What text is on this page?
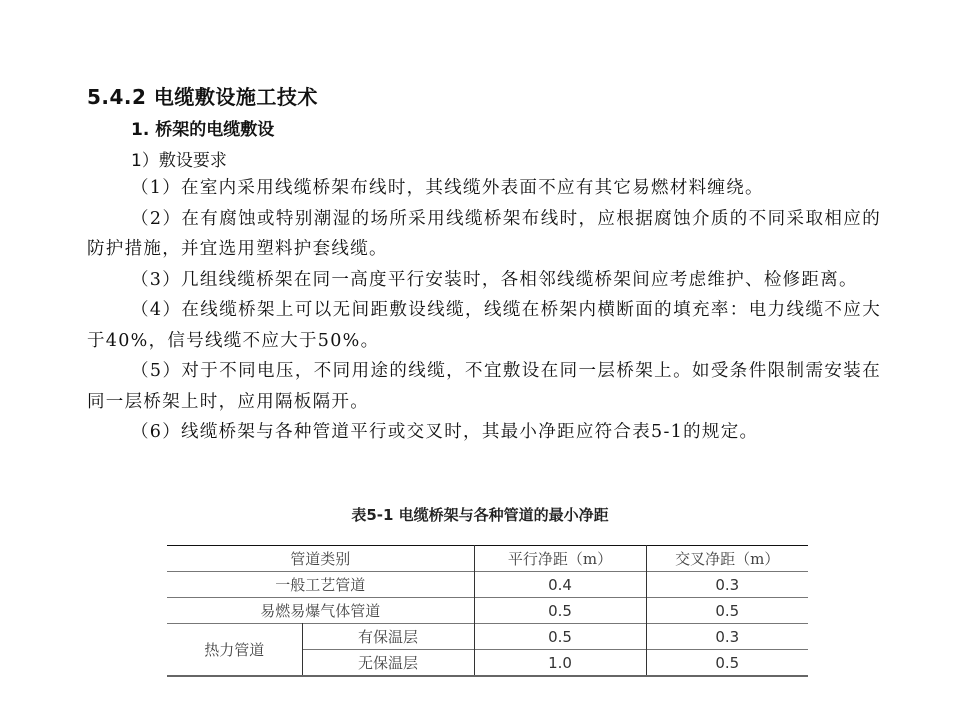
5.4.2 电缆敷设施工技术
1. 桥架的电缆敷设
1）敷设要求

（1）在室内采用线缆桥架布线时，其线缆外表面不应有其它易燃材料缠绕。

（2）在有腐蚀或特别潮湿的场所采用线缆桥架布线时，应根据腐蚀介质的不同采取相应的防护措施，并宜选用塑料护套线缆。

（3）几组线缆桥架在同一高度平行安装时，各相邻线缆桥架间应考虑维护、检修距离。

（4）在线缆桥架上可以无间距敷设线缆，线缆在桥架内横断面的填充率：电力线缆不应大于40%，信号线缆不应大于50%。

（5）对于不同电压，不同用途的线缆，不宜敷设在同一层桥架上。如受条件限制需安装在同一层桥架上时，应用隔板隔开。

（6）线缆桥架与各种管道平行或交叉时，其最小净距应符合表5-1的规定。

表5-1 电缆桥架与各种管道的最小净距
管道类别		平行净距（m）	交叉净距（m）
一般工艺管道		0.4	0.3
易燃易爆气体管道		0.5	0.5
热力管道	有保温层	0.5	0.3
	无保温层	1.0	0.5
